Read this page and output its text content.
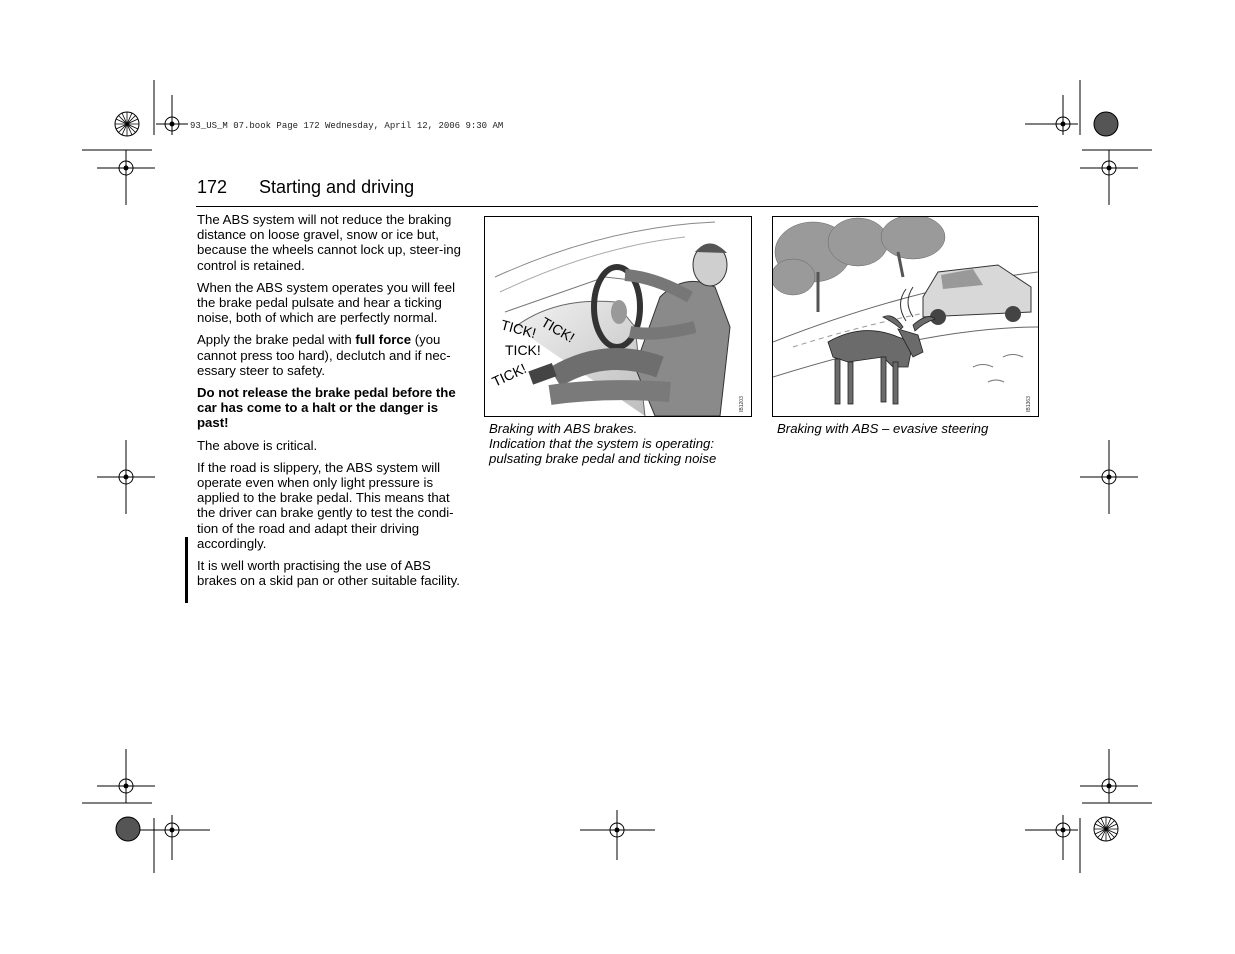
93_US_M 07.book Page 172 Wednesday, April 12, 2006 9:30 AM
172 Starting and driving

The ABS system will not reduce the braking distance on loose gravel, snow or ice but, because the wheels cannot lock up, steer-ing control is retained.

When the ABS system operates you will feel the brake pedal pulsate and hear a ticking noise, both of which are perfectly normal.

Apply the brake pedal with full force (you cannot press too hard), declutch and if nec-essary steer to safety.

Do not release the brake pedal before the car has come to a halt or the danger is past!

The above is critical.

If the road is slippery, the ABS system will operate even when only light pressure is applied to the brake pedal. This means that the driver can brake gently to test the condi-tion of the road and adapt their driving accordingly.

It is well worth practising the use of ABS brakes on a skid pan or other suitable facility.

TICK! TICK!
TICK!
TICK!
IB1203
Braking with ABS brakes.
Indication that the system is operating:
pulsating brake pedal and ticking noise
IB1363
Braking with ABS – evasive steering
